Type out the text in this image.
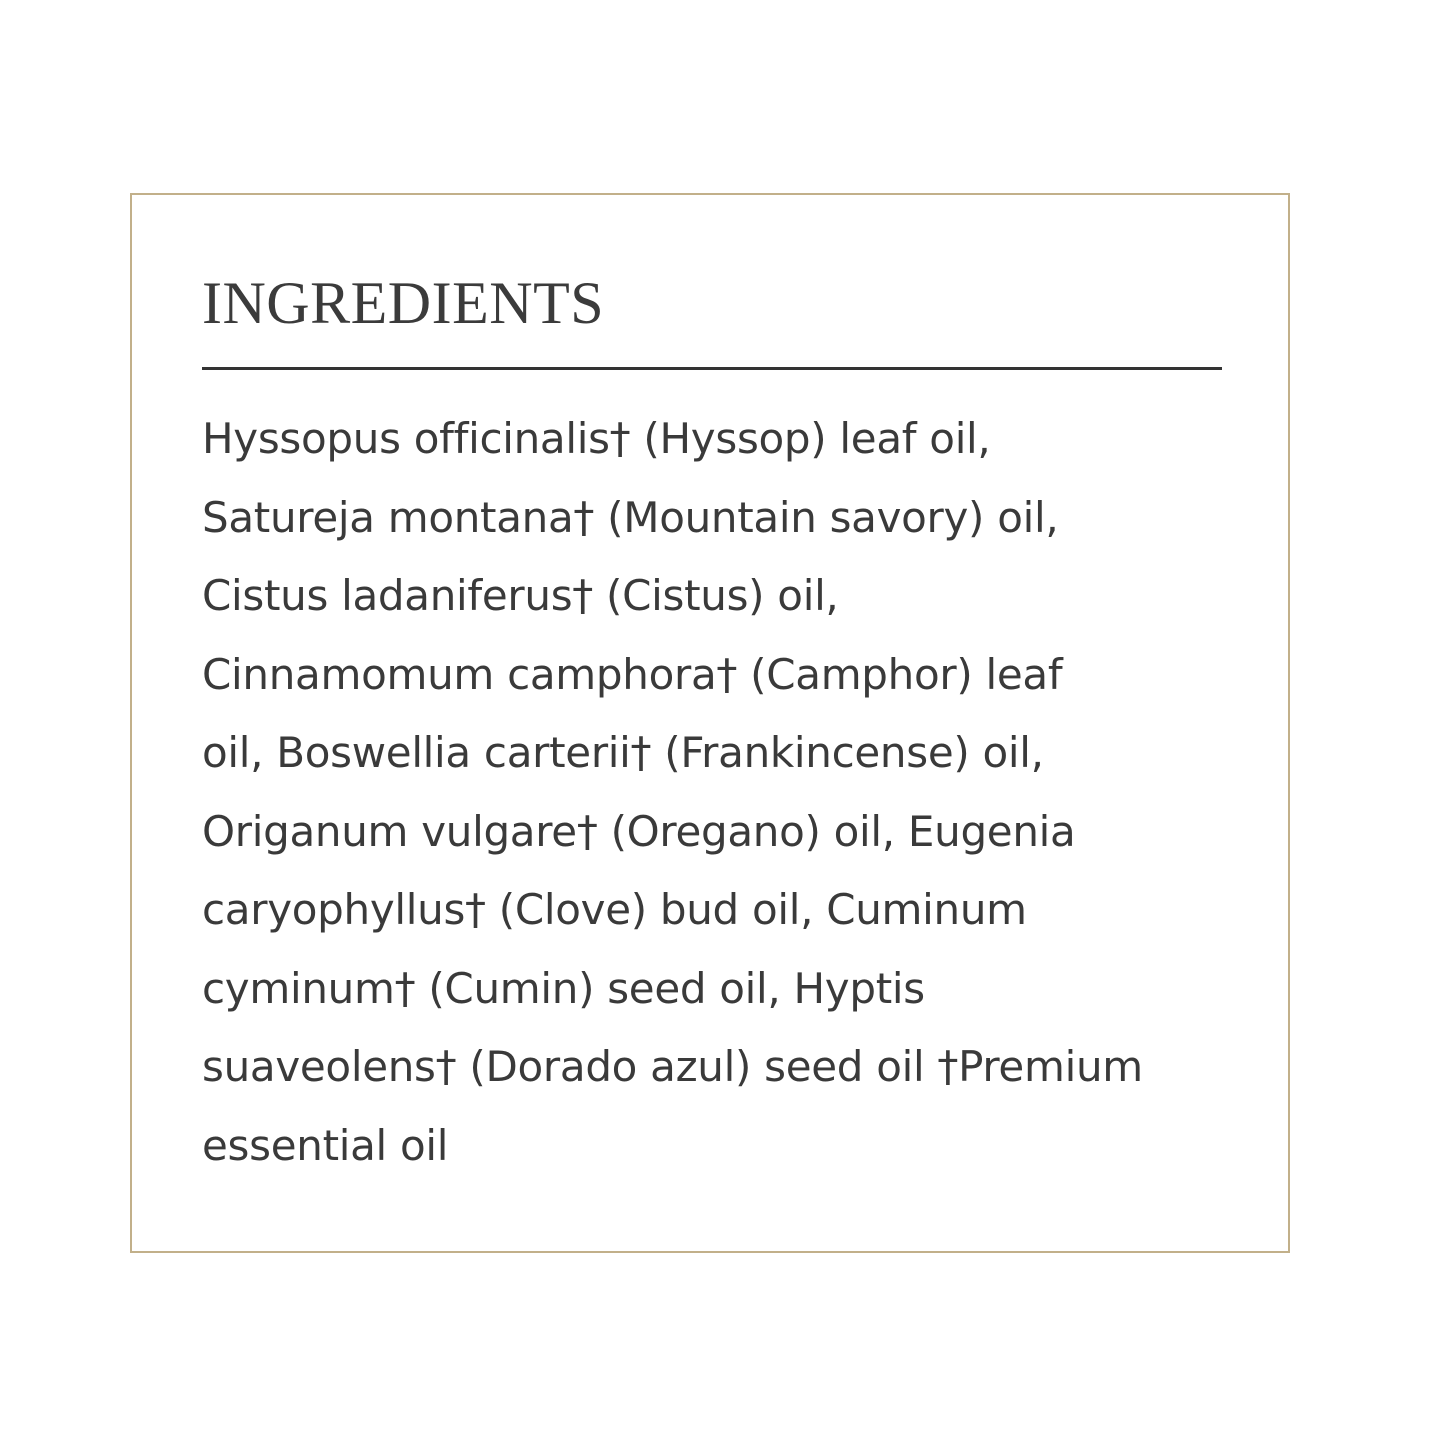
INGREDIENTS

Hyssopus officinalis† (Hyssop) leaf oil,
Satureja montana† (Mountain savory) oil,
Cistus ladaniferus† (Cistus) oil,
Cinnamomum camphora† (Camphor) leaf
oil, Boswellia carterii† (Frankincense) oil,
Origanum vulgare† (Oregano) oil, Eugenia
caryophyllus† (Clove) bud oil, Cuminum
cyminum† (Cumin) seed oil, Hyptis
suaveolens† (Dorado azul) seed oil †Premium
essential oil
